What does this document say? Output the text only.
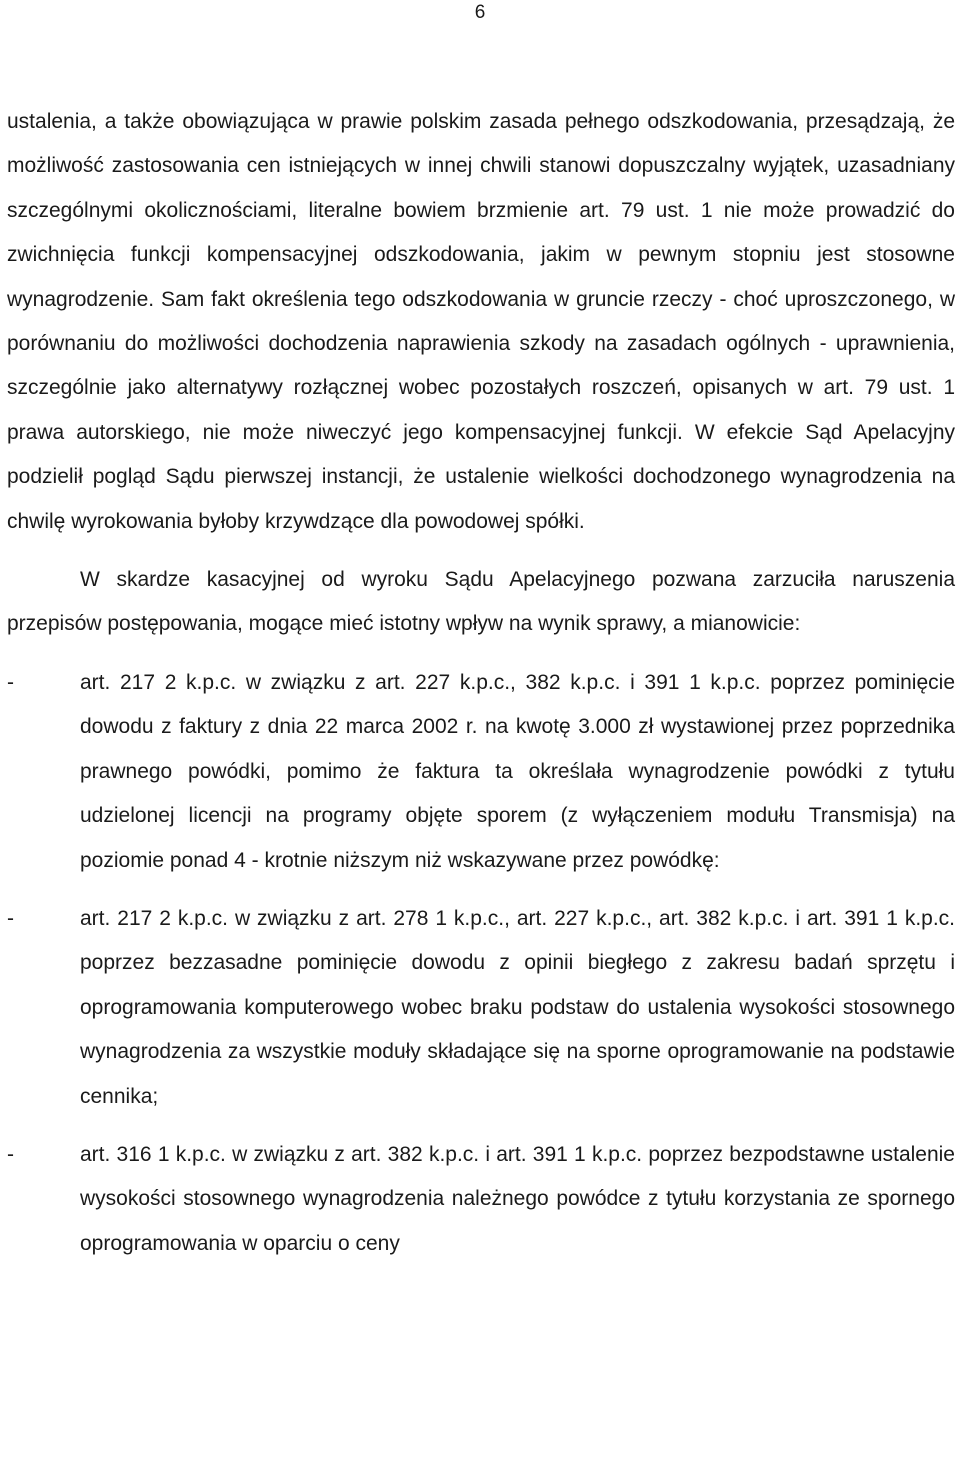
6

ustalenia, a także obowiązująca w prawie polskim zasada pełnego odszkodowania, przesądzają, że możliwość zastosowania cen istniejących w innej chwili stanowi dopuszczalny wyjątek, uzasadniany szczególnymi okolicznościami, literalne bowiem brzmienie art. 79 ust. 1 nie może prowadzić do zwichnięcia funkcji kompensacyjnej odszkodowania, jakim w pewnym stopniu jest stosowne wynagrodzenie. Sam fakt określenia tego odszkodowania w gruncie rzeczy - choć uproszczonego, w porównaniu do możliwości dochodzenia naprawienia szkody na zasadach ogólnych - uprawnienia, szczególnie jako alternatywy rozłącznej wobec pozostałych roszczeń, opisanych w art. 79 ust. 1 prawa autorskiego, nie może niweczyć jego kompensacyjnej funkcji. W efekcie Sąd Apelacyjny podzielił pogląd Sądu pierwszej instancji, że ustalenie wielkości dochodzonego wynagrodzenia na chwilę wyrokowania byłoby krzywdzące dla powodowej spółki.

W skardze kasacyjnej od wyroku Sądu Apelacyjnego pozwana zarzuciła naruszenia przepisów postępowania, mogące mieć istotny wpływ na wynik sprawy, a mianowicie:

-	art. 217 2 k.p.c. w związku z art. 227 k.p.c., 382 k.p.c. i 391 1 k.p.c. poprzez pominięcie dowodu z faktury z dnia 22 marca 2002 r. na kwotę 3.000 zł wystawionej przez poprzednika prawnego powódki, pomimo że faktura ta określała wynagrodzenie powódki z tytułu udzielonej licencji na programy objęte sporem (z wyłączeniem modułu Transmisja) na poziomie ponad 4 - krotnie niższym niż wskazywane przez powódkę:
-	art. 217 2 k.p.c. w związku z art. 278 1 k.p.c., art. 227 k.p.c., art. 382 k.p.c. i art. 391 1 k.p.c. poprzez bezzasadne pominięcie dowodu z opinii biegłego z zakresu badań sprzętu i oprogramowania komputerowego wobec braku podstaw do ustalenia wysokości stosownego wynagrodzenia za wszystkie moduły składające się na sporne oprogramowanie na podstawie cennika;
-	art. 316 1 k.p.c. w związku z art. 382 k.p.c. i art. 391 1 k.p.c. poprzez bezpodstawne ustalenie wysokości stosownego wynagrodzenia należnego powódce z tytułu korzystania ze spornego oprogramowania w oparciu o ceny
